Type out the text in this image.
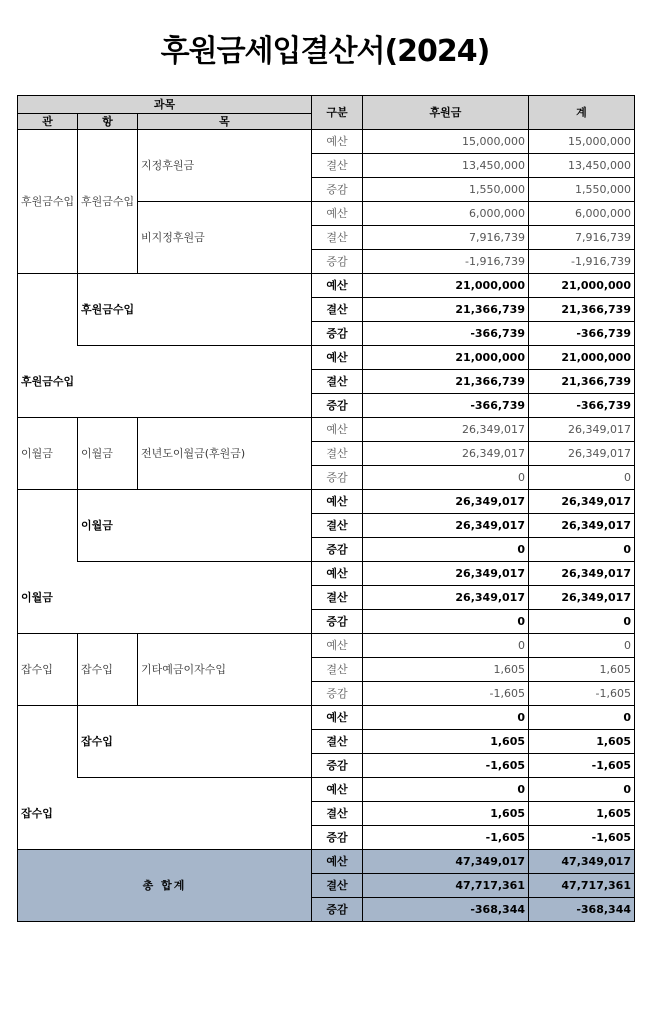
후원금세입결산서(2024)
과목			구분	후원금	계
관	항	목			
후원금수입	후원금수입	지정후원금	예산	15,000,000	15,000,000
			결산	13,450,000	13,450,000
			증감	1,550,000	1,550,000
		비지정후원금	예산	6,000,000	6,000,000
			결산	7,916,739	7,916,739
			증감	-1,916,739	-1,916,739
	후원금수입		예산	21,000,000	21,000,000
			결산	21,366,739	21,366,739
			증감	-366,739	-366,739
후원금수입			예산	21,000,000	21,000,000
			결산	21,366,739	21,366,739
			증감	-366,739	-366,739
이월금	이월금	전년도이월금(후원금)	예산	26,349,017	26,349,017
			결산	26,349,017	26,349,017
			증감	0	0
	이월금		예산	26,349,017	26,349,017
			결산	26,349,017	26,349,017
			증감	0	0
이월금			예산	26,349,017	26,349,017
			결산	26,349,017	26,349,017
			증감	0	0
잡수입	잡수입	기타예금이자수입	예산	0	0
			결산	1,605	1,605
			증감	-1,605	-1,605
	잡수입		예산	0	0
			결산	1,605	1,605
			증감	-1,605	-1,605
잡수입			예산	0	0
			결산	1,605	1,605
			증감	-1,605	-1,605
총 합계			예산	47,349,017	47,349,017
			결산	47,717,361	47,717,361
			증감	-368,344	-368,344
